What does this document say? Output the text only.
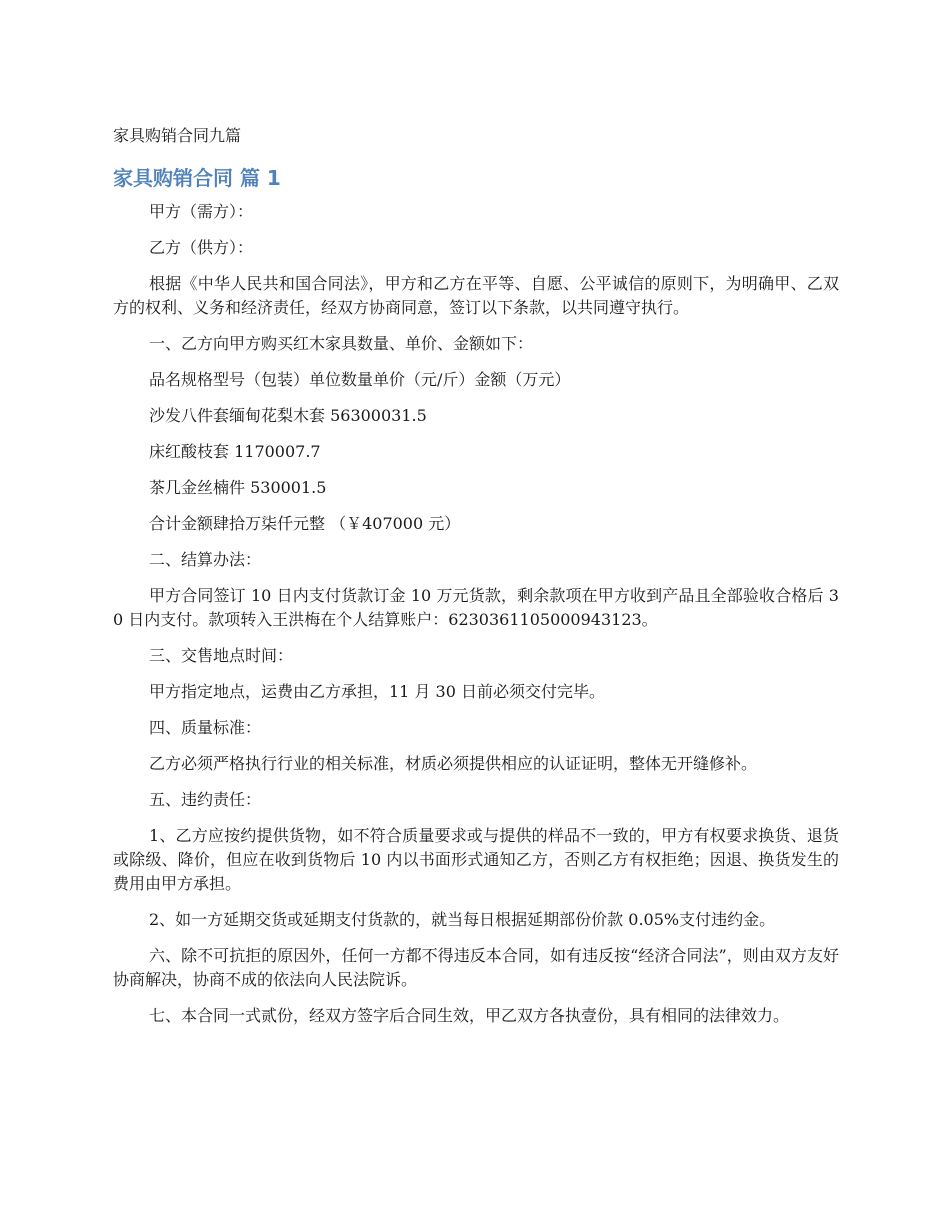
家具购销合同九篇
家具购销合同 篇 1

甲方（需方）：

乙方（供方）：

根据《中华人民共和国合同法》，甲方和乙方在平等、自愿、公平诚信的原则下，为明确甲、乙双方的权利、义务和经济责任，经双方协商同意，签订以下条款，以共同遵守执行。

一、乙方向甲方购买红木家具数量、单价、金额如下：

品名规格型号（包装）单位数量单价（元/斤）金额（万元）

沙发八件套缅甸花梨木套 56300031.5

床红酸枝套 1170007.7

茶几金丝楠件 530001.5

合计金额肆拾万柒仟元整 （￥407000 元）

二、结算办法：

甲方合同签订 10 日内支付货款订金 10 万元货款，剩余款项在甲方收到产品且全部验收合格后 30 日内支付。款项转入王洪梅在个人结算账户：6230361105000943123。

三、交售地点时间：

甲方指定地点，运费由乙方承担，11 月 30 日前必须交付完毕。

四、质量标准：

乙方必须严格执行行业的相关标准，材质必须提供相应的认证证明，整体无开缝修补。

五、违约责任：

1、乙方应按约提供货物，如不符合质量要求或与提供的样品不一致的，甲方有权要求换货、退货或除级、降价，但应在收到货物后 10 内以书面形式通知乙方，否则乙方有权拒绝；因退、换货发生的费用由甲方承担。

2、如一方延期交货或延期支付货款的，就当每日根据延期部份价款 0.05%支付违约金。

六、除不可抗拒的原因外，任何一方都不得违反本合同，如有违反按“经济合同法”，则由双方友好协商解决，协商不成的依法向人民法院诉。

七、本合同一式贰份，经双方签字后合同生效，甲乙双方各执壹份，具有相同的法律效力。
